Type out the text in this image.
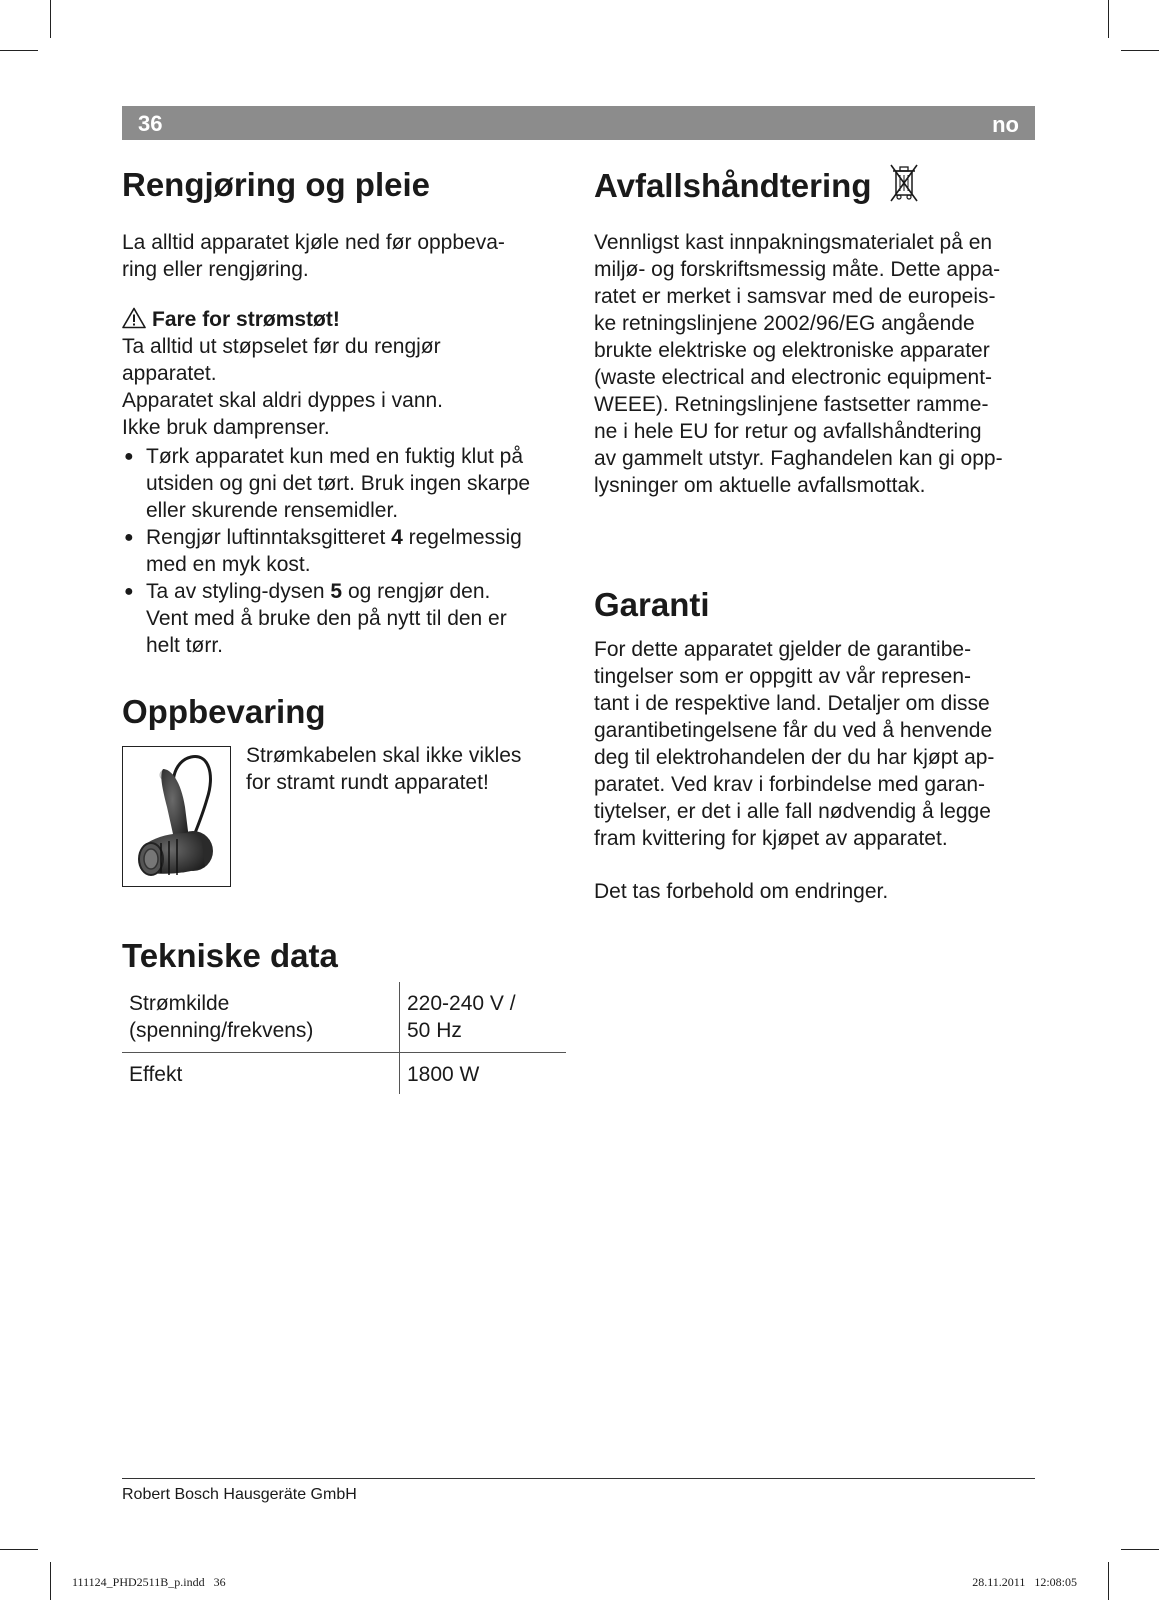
36	no
Rengjøring og pleie

La alltid apparatet kjøle ned før oppbeva-
ring eller rengjøring.

Fare for strømstøt!

Ta alltid ut støpselet før du rengjør
apparatet.
Apparatet skal aldri dyppes i vann.
Ikke bruk damprenser.

● Tørk apparatet kun med en fuktig klut på
utsiden og gni det tørt. Bruk ingen skarpe
eller skurende rensemidler.
● Rengjør luftinntaksgitteret 4 regelmessig
med en myk kost.
● Ta av styling-dysen 5 og rengjør den.
Vent med å bruke den på nytt til den er
helt tørr.
Oppbevaring

Strømkabelen skal ikke vikles
for stramt rundt apparatet!

Tekniske data
Strømkilde
(spenning/frekvens)	220-240 V /
50 Hz
Effekt	1800 W
Avfallshåndtering

Vennligst kast innpakningsmaterialet på en
miljø- og forskriftsmessig måte. Dette appa-
ratet er merket i samsvar med de europeis-
ke retningslinjene 2002/96/EG angående
brukte elektriske og elektroniske apparater
(waste electrical and electronic equipment-
WEEE). Retningslinjene fastsetter ramme-
ne i hele EU for retur og avfallshåndtering
av gammelt utstyr. Faghandelen kan gi opp-
lysninger om aktuelle avfallsmottak.

Garanti

For dette apparatet gjelder de garantibe-
tingelser som er oppgitt av vår represen-
tant i de respektive land. Detaljer om disse
garantibetingelsene får du ved å henvende
deg til elektrohandelen der du har kjøpt ap-
paratet. Ved krav i forbindelse med garan-
tiytelser, er det i alle fall nødvendig å legge
fram kvittering for kjøpet av apparatet.

Det tas forbehold om endringer.

Robert Bosch Hausgeräte GmbH
111124_PHD2511B_p.indd   36	28.11.2011   12:08:05
